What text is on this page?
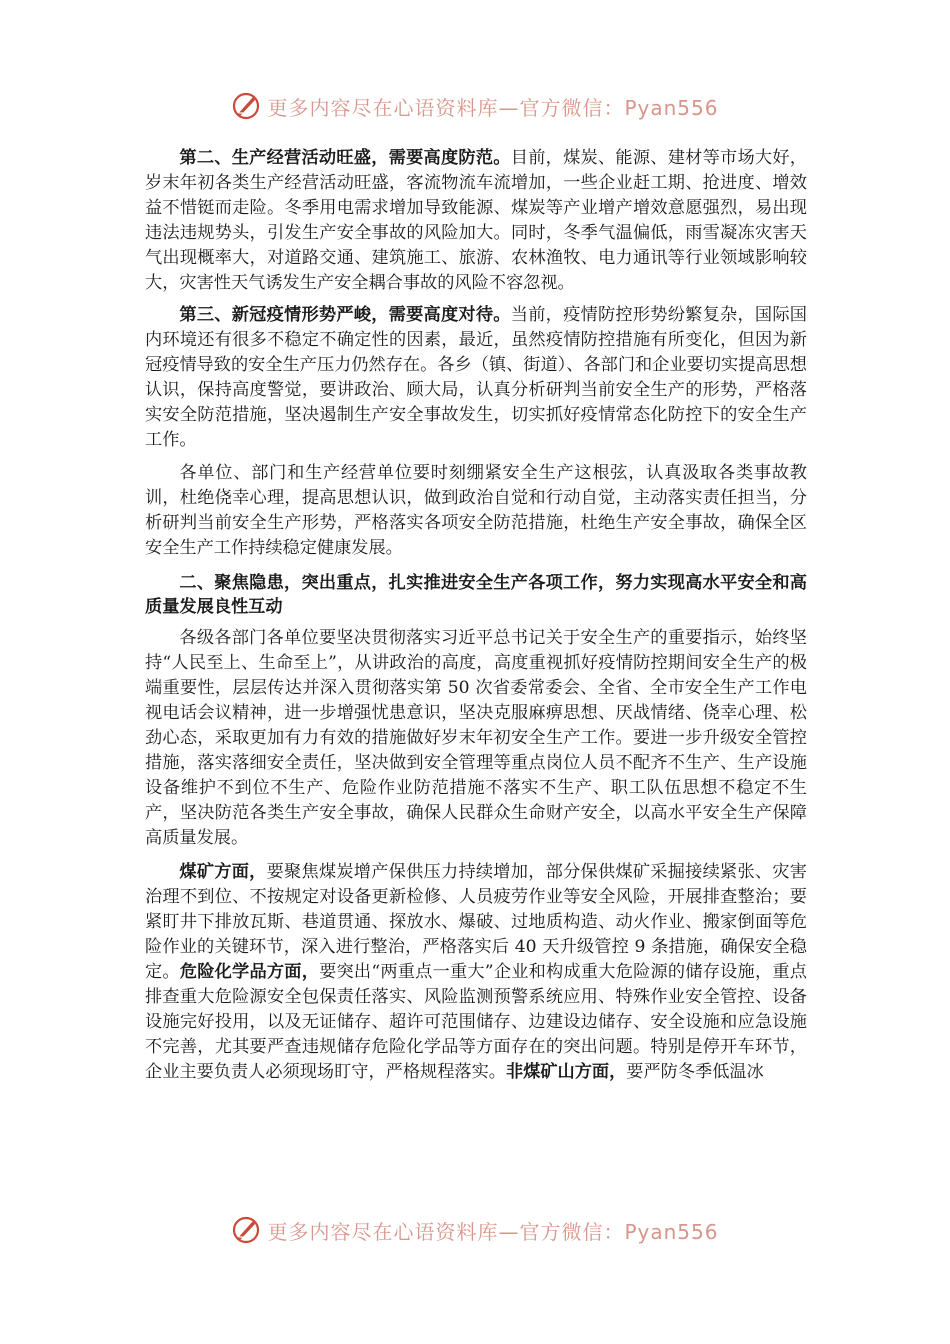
更多内容尽在心语资料库—官方微信：Pyan556

第二、生产经营活动旺盛，需要高度防范。目前，煤炭、能源、建材等市场大好，岁末年初各类生产经营活动旺盛，客流物流车流增加，一些企业赶工期、抢进度、增效益不惜铤而走险。冬季用电需求增加导致能源、煤炭等产业增产增效意愿强烈，易出现违法违规势头，引发生产安全事故的风险加大。同时，冬季气温偏低，雨雪凝冻灾害天气出现概率大，对道路交通、建筑施工、旅游、农林渔牧、电力通讯等行业领域影响较大，灾害性天气诱发生产安全耦合事故的风险不容忽视。

第三、新冠疫情形势严峻，需要高度对待。当前，疫情防控形势纷繁复杂，国际国内环境还有很多不稳定不确定性的因素，最近，虽然疫情防控措施有所变化，但因为新冠疫情导致的安全生产压力仍然存在。各乡（镇、街道）、各部门和企业要切实提高思想认识，保持高度警觉，要讲政治、顾大局，认真分析研判当前安全生产的形势，严格落实安全防范措施，坚决遏制生产安全事故发生，切实抓好疫情常态化防控下的安全生产工作。

各单位、部门和生产经营单位要时刻绷紧安全生产这根弦，认真汲取各类事故教训，杜绝侥幸心理，提高思想认识，做到政治自觉和行动自觉，主动落实责任担当，分析研判当前安全生产形势，严格落实各项安全防范措施，杜绝生产安全事故，确保全区安全生产工作持续稳定健康发展。

二、聚焦隐患，突出重点，扎实推进安全生产各项工作，努力实现高水平安全和高质量发展良性互动

各级各部门各单位要坚决贯彻落实习近平总书记关于安全生产的重要指示，始终坚持“人民至上、生命至上”，从讲政治的高度，高度重视抓好疫情防控期间安全生产的极端重要性，层层传达并深入贯彻落实第 50 次省委常委会、全省、全市安全生产工作电视电话会议精神，进一步增强忧患意识，坚决克服麻痹思想、厌战情绪、侥幸心理、松劲心态，采取更加有力有效的措施做好岁末年初安全生产工作。要进一步升级安全管控措施，落实落细安全责任，坚决做到安全管理等重点岗位人员不配齐不生产、生产设施设备维护不到位不生产、危险作业防范措施不落实不生产、职工队伍思想不稳定不生产，坚决防范各类生产安全事故，确保人民群众生命财产安全，以高水平安全生产保障高质量发展。

煤矿方面，要聚焦煤炭增产保供压力持续增加，部分保供煤矿采掘接续紧张、灾害治理不到位、不按规定对设备更新检修、人员疲劳作业等安全风险，开展排查整治；要紧盯井下排放瓦斯、巷道贯通、探放水、爆破、过地质构造、动火作业、搬家倒面等危险作业的关键环节，深入进行整治，严格落实后 40 天升级管控 9 条措施，确保安全稳定。危险化学品方面，要突出“两重点一重大”企业和构成重大危险源的储存设施，重点排查重大危险源安全包保责任落实、风险监测预警系统应用、特殊作业安全管控、设备设施完好投用，以及无证储存、超许可范围储存、边建设边储存、安全设施和应急设施不完善，尤其要严查违规储存危险化学品等方面存在的突出问题。特别是停开车环节，企业主要负责人必须现场盯守，严格规程落实。非煤矿山方面，要严防冬季低温冰

更多内容尽在心语资料库—官方微信：Pyan556
